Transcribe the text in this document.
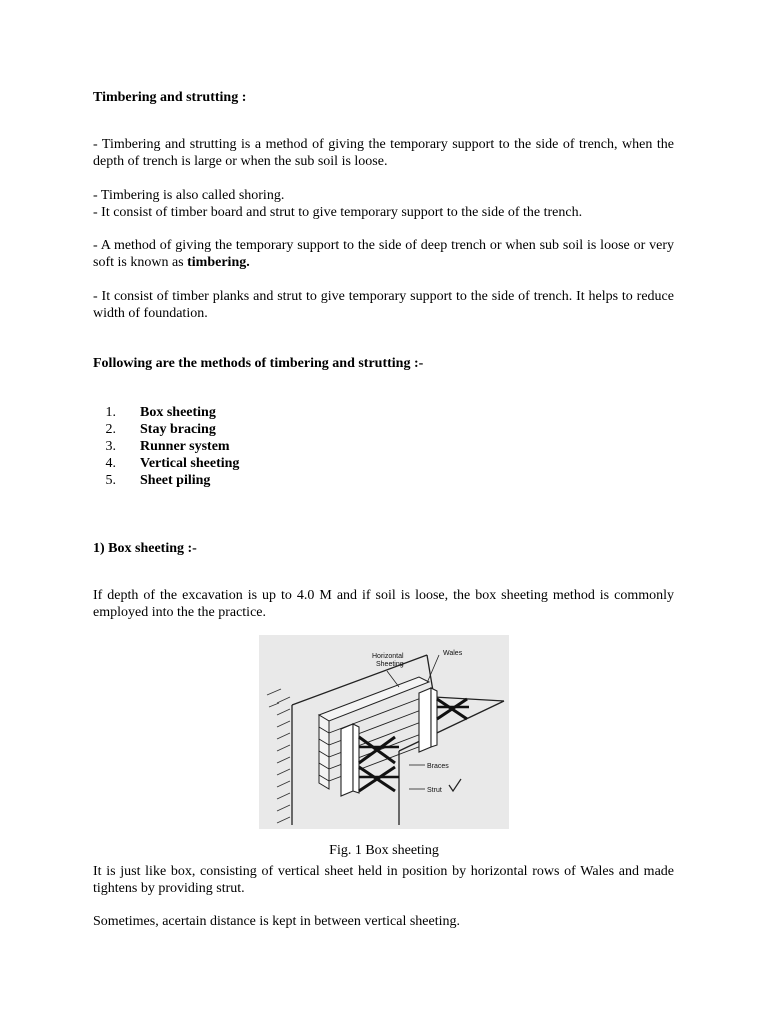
Timbering and strutting :

- Timbering and strutting is a method of giving the temporary support to the side of trench, when the depth of trench is large or when the sub soil is loose.

- Timbering is also called shoring.

- It consist of timber board and strut to give temporary support to the side of the trench.

- A method of giving the temporary support to the side of deep trench or when sub soil is loose or very soft is known as timbering.

- It consist of timber planks and strut to give temporary support to the side of trench. It helps to reduce width of foundation.

Following are the methods of timbering and strutting :-

1. Box sheeting
2. Stay bracing
3. Runner system
4. Vertical sheeting
5. Sheet piling

1) Box sheeting :-

If depth of the excavation is up to 4.0 M and if soil is loose, the box sheeting method is commonly employed into the the practice.

Horizontal
Sheeting
Wales
Braces
Strut

Fig. 1 Box sheeting

It is just like box, consisting of vertical sheet held in position by horizontal rows of Wales and made tightens by providing strut.

Sometimes, acertain distance is kept in between vertical sheeting.
